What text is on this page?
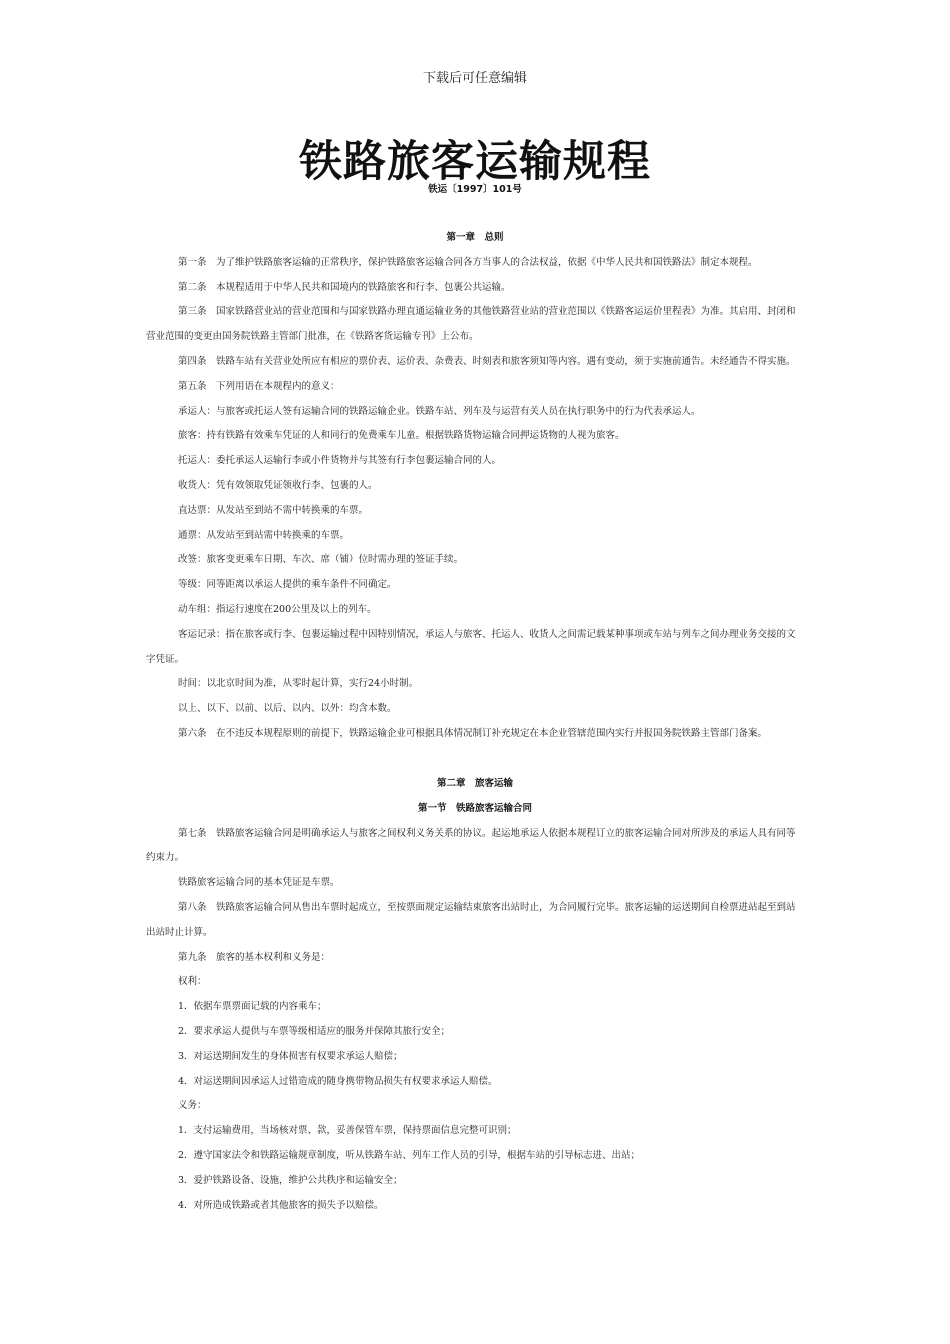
下载后可任意编辑
铁路旅客运输规程
铁运〔1997〕101号

第一章　总则

第一条　为了维护铁路旅客运输的正常秩序，保护铁路旅客运输合同各方当事人的合法权益，依据《中华人民共和国铁路法》制定本规程。

第二条　本规程适用于中华人民共和国境内的铁路旅客和行李、包裹公共运输。

第三条　国家铁路营业站的营业范围和与国家铁路办理直通运输业务的其他铁路营业站的营业范围以《铁路客运运价里程表》为准。其启用、封闭和营业范围的变更由国务院铁路主管部门批准，在《铁路客货运输专刊》上公布。

第四条　铁路车站有关营业处所应有相应的票价表、运价表、杂费表、时刻表和旅客须知等内容。遇有变动，须于实施前通告。未经通告不得实施。

第五条　下列用语在本规程内的意义：

承运人：与旅客或托运人签有运输合同的铁路运输企业。铁路车站、列车及与运营有关人员在执行职务中的行为代表承运人。

旅客：持有铁路有效乘车凭证的人和同行的免费乘车儿童。根据铁路货物运输合同押运货物的人视为旅客。

托运人：委托承运人运输行李或小件货物并与其签有行李包裹运输合同的人。

收货人：凭有效领取凭证领收行李、包裹的人。

直达票：从发站至到站不需中转换乘的车票。

通票：从发站至到站需中转换乘的车票。

改签：旅客变更乘车日期、车次、席（铺）位时需办理的签证手续。

等级：同等距离以承运人提供的乘车条件不同确定。

动车组：指运行速度在200公里及以上的列车。

客运记录：指在旅客或行李、包裹运输过程中因特别情况，承运人与旅客、托运人、收货人之间需记载某种事项或车站与列车之间办理业务交接的文字凭证。

时间：以北京时间为准，从零时起计算，实行24小时制。

以上、以下、以前、以后、以内、以外：均含本数。

第六条　在不违反本规程原则的前提下，铁路运输企业可根据具体情况制订补充规定在本企业管辖范围内实行并报国务院铁路主管部门备案。

第二章　旅客运输

第一节　铁路旅客运输合同

第七条　铁路旅客运输合同是明确承运人与旅客之间权利义务关系的协议。起运地承运人依据本规程订立的旅客运输合同对所涉及的承运人具有同等约束力。

铁路旅客运输合同的基本凭证是车票。

第八条　铁路旅客运输合同从售出车票时起成立，至按票面规定运输结束旅客出站时止，为合同履行完毕。旅客运输的运送期间自检票进站起至到站出站时止计算。

第九条　旅客的基本权利和义务是：

权利：

1．依据车票票面记载的内容乘车；

2．要求承运人提供与车票等级相适应的服务并保障其旅行安全；

3．对运送期间发生的身体损害有权要求承运人赔偿；

4．对运送期间因承运人过错造成的随身携带物品损失有权要求承运人赔偿。

义务：

1．支付运输费用，当场核对票、款，妥善保管车票，保持票面信息完整可识别；

2．遵守国家法令和铁路运输规章制度，听从铁路车站、列车工作人员的引导，根据车站的引导标志进、出站；

3．爱护铁路设备、设施，维护公共秩序和运输安全；

4．对所造成铁路或者其他旅客的损失予以赔偿。
